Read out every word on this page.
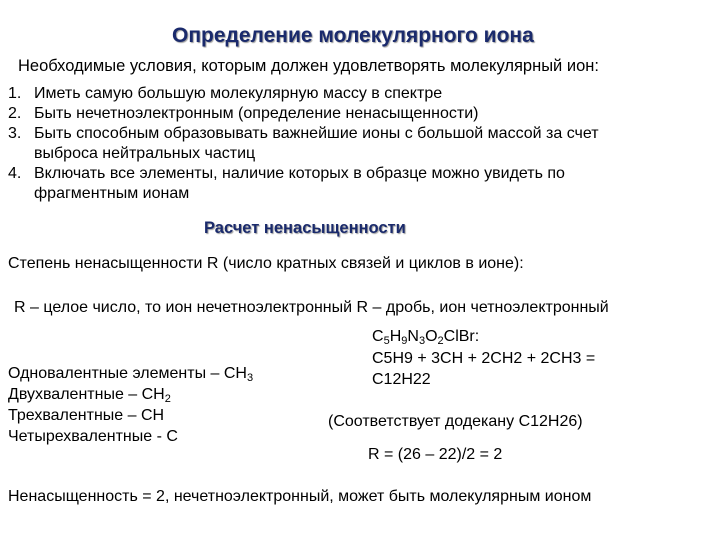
Определение молекулярного иона
Необходимые условия, которым должен удовлетворять молекулярный ион:
1. Иметь самую большую молекулярную массу в спектре
2. Быть нечетноэлектронным (определение ненасыщенности)
3. Быть способным образовывать важнейшие ионы с большой массой за счет
выброса нейтральных частиц
4. Включать все элементы, наличие которых в образце можно увидеть по
фрагментным ионам
Расчет ненасыщенности
Степень ненасыщенности R (число кратных связей и циклов в ионе):
R – целое число, то ион нечетноэлектронный R – дробь, ион четноэлектронный
Одновалентные элементы – $CH_3$
Двухвалентные – $CH_2$
Трехвалентные – CH
Четырехвалентные - C
$C_5H_9N_3O_2ClBr$:
C5H9 + 3CH + 2CH2 + 2CH3 =
C12H22
(Соответствует додекану C12H26)
R = (26 – 22)/2 = 2
Ненасыщенность = 2, нечетноэлектронный, может быть молекулярным ионом
